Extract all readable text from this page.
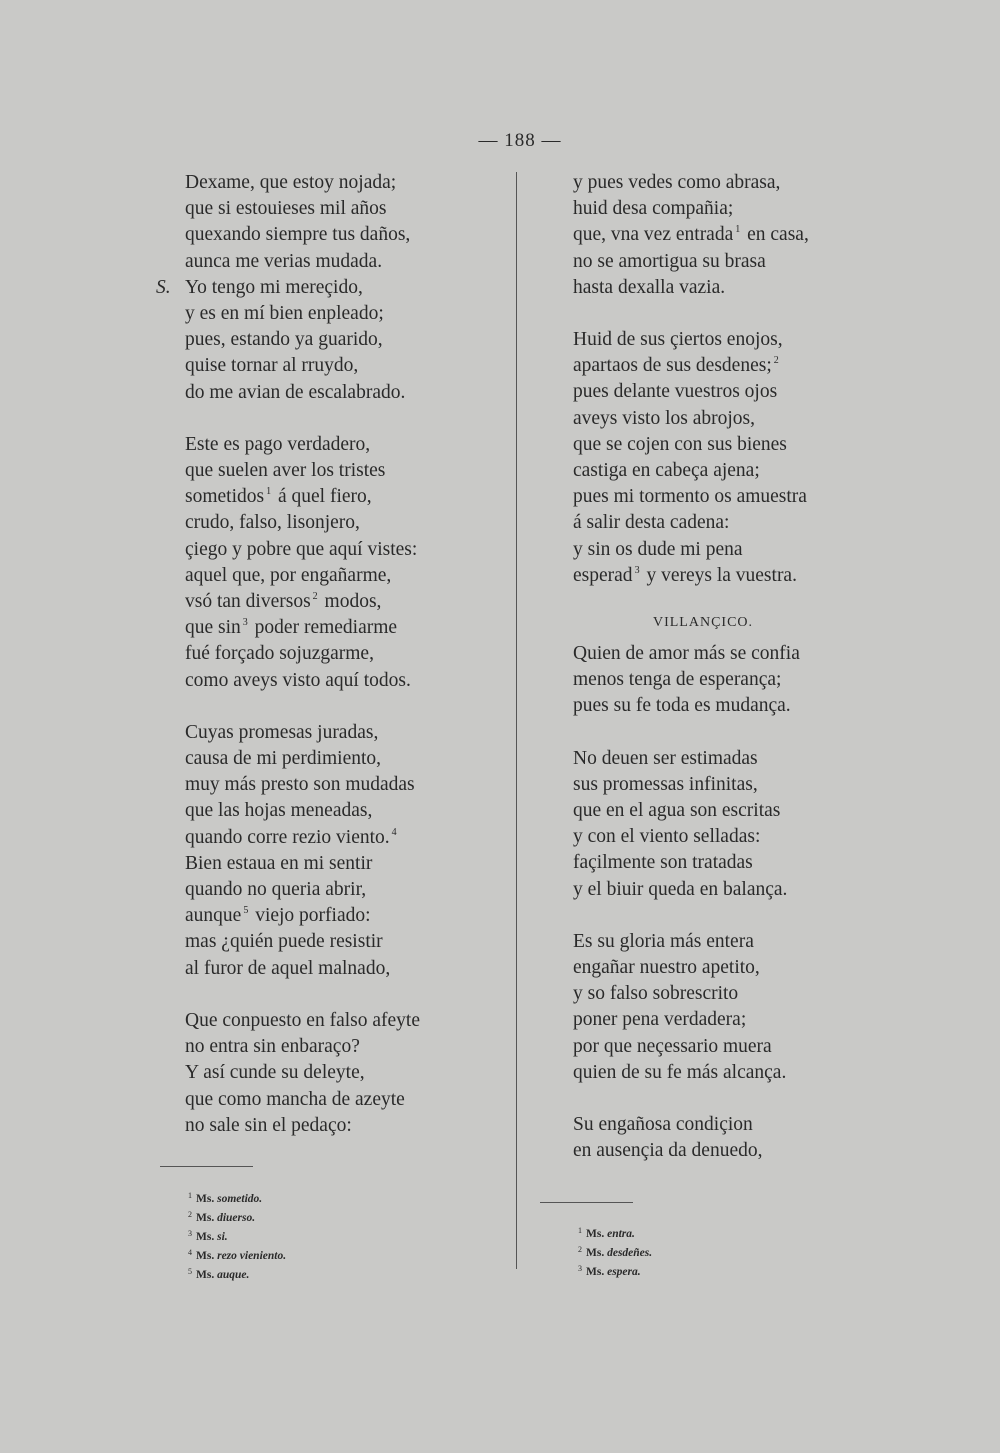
— 188 —
Dexame, que estoy nojada;
que si estouieses mil años
quexando siempre tus daños,
aunca me verias mudada.
S. Yo tengo mi mereçido,
y es en mí bien enpleado;
pues, estando ya guarido,
quise tornar al rruydo,
do me avian de escalabrado.
Este es pago verdadero,
que suelen aver los tristes
sometidos $^1$ á quel fiero,
crudo, falso, lisonjero,
çiego y pobre que aquí vistes:
aquel que, por engañarme,
vsó tan diversos $^2$ modos,
que sin $^3$ poder remediarme
fué forçado sojuzgarme,
como aveys visto aquí todos.
Cuyas promesas juradas,
causa de mi perdimiento,
muy más presto son mudadas
que las hojas meneadas,
quando corre rezio viento. $^4$
Bien estaua en mi sentir
quando no queria abrir,
aunque $^5$ viejo porfiado:
mas ¿quién puede resistir
al furor de aquel malnado,
Que conpuesto en falso afeyte
no entra sin enbaraço?
Y así cunde su deleyte,
que como mancha de azeyte
no sale sin el pedaço:
y pues vedes como abrasa,
huid desa compañia;
que, vna vez entrada $^1$ en casa,
no se amortigua su brasa
hasta dexalla vazia.
Huid de sus çiertos enojos,
apartaos de sus desdenes; $^2$
pues delante vuestros ojos
aveys visto los abrojos,
que se cojen con sus bienes
castiga en cabeça ajena;
pues mi tormento os amuestra
á salir desta cadena:
y sin os dude mi pena
esperad $^3$ y vereys la vuestra.
VILLANÇICO.
Quien de amor más se confia
menos tenga de esperança;
pues su fe toda es mudança.
No deuen ser estimadas
sus promessas infinitas,
que en el agua son escritas
y con el viento selladas:
façilmente son tratadas
y el biuir queda en balança.
Es su gloria más entera
engañar nuestro apetito,
y so falso sobrescrito
poner pena verdadera;
por que neçessario muera
quien de su fe más alcança.
Su engañosa condiçion
en ausençia da denuedo,
$^1$ Ms. sometido.
$^2$ Ms. diuerso.
$^3$ Ms. si.
$^4$ Ms. rezo vieniento.
$^5$ Ms. auque.
$^1$ Ms. entra.
$^2$ Ms. desdeñes.
$^3$ Ms. espera.
